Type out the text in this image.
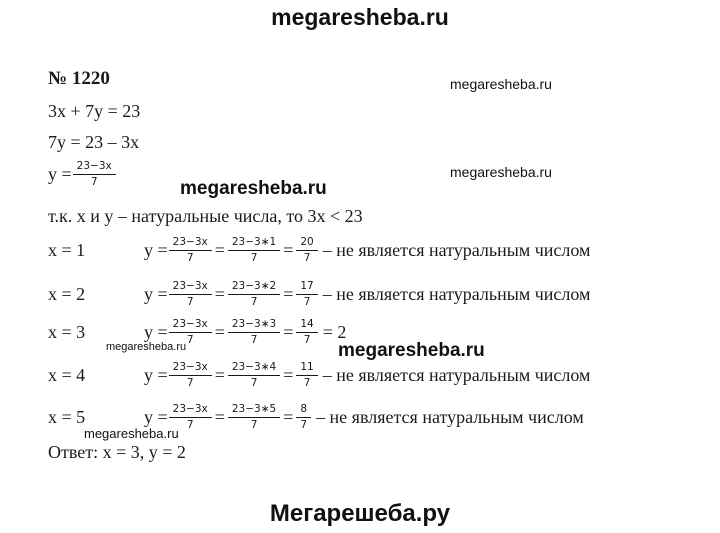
megaresheba.ru
Мегарешеба.ру
megaresheba.ru
megaresheba.ru
megaresheba.ru
megaresheba.ru	megaresheba.ru
megaresheba.ru
№ 1220
3x + 7y = 23
7y = 23 – 3x
$y = \frac{23-3x}{7}$
т.к. x и y – натуральные числа, то 3x < 23
x = 1	$y = \frac{23-3x}{7} = \frac{23-3∗1}{7} = \frac{20}{7}$ – не является натуральным числом
x = 2	$y = \frac{23-3x}{7} = \frac{23-3∗2}{7} = \frac{17}{7}$ – не является натуральным числом
x = 3	$y = \frac{23-3x}{7} = \frac{23-3∗3}{7} = \frac{14}{7} = 2$
x = 4	$y = \frac{23-3x}{7} = \frac{23-3∗4}{7} = \frac{11}{7}$ – не является натуральным числом
x = 5	$y = \frac{23-3x}{7} = \frac{23-3∗5}{7} = \frac{8}{7}$ – не является натуральным числом
Ответ: x = 3, y = 2
